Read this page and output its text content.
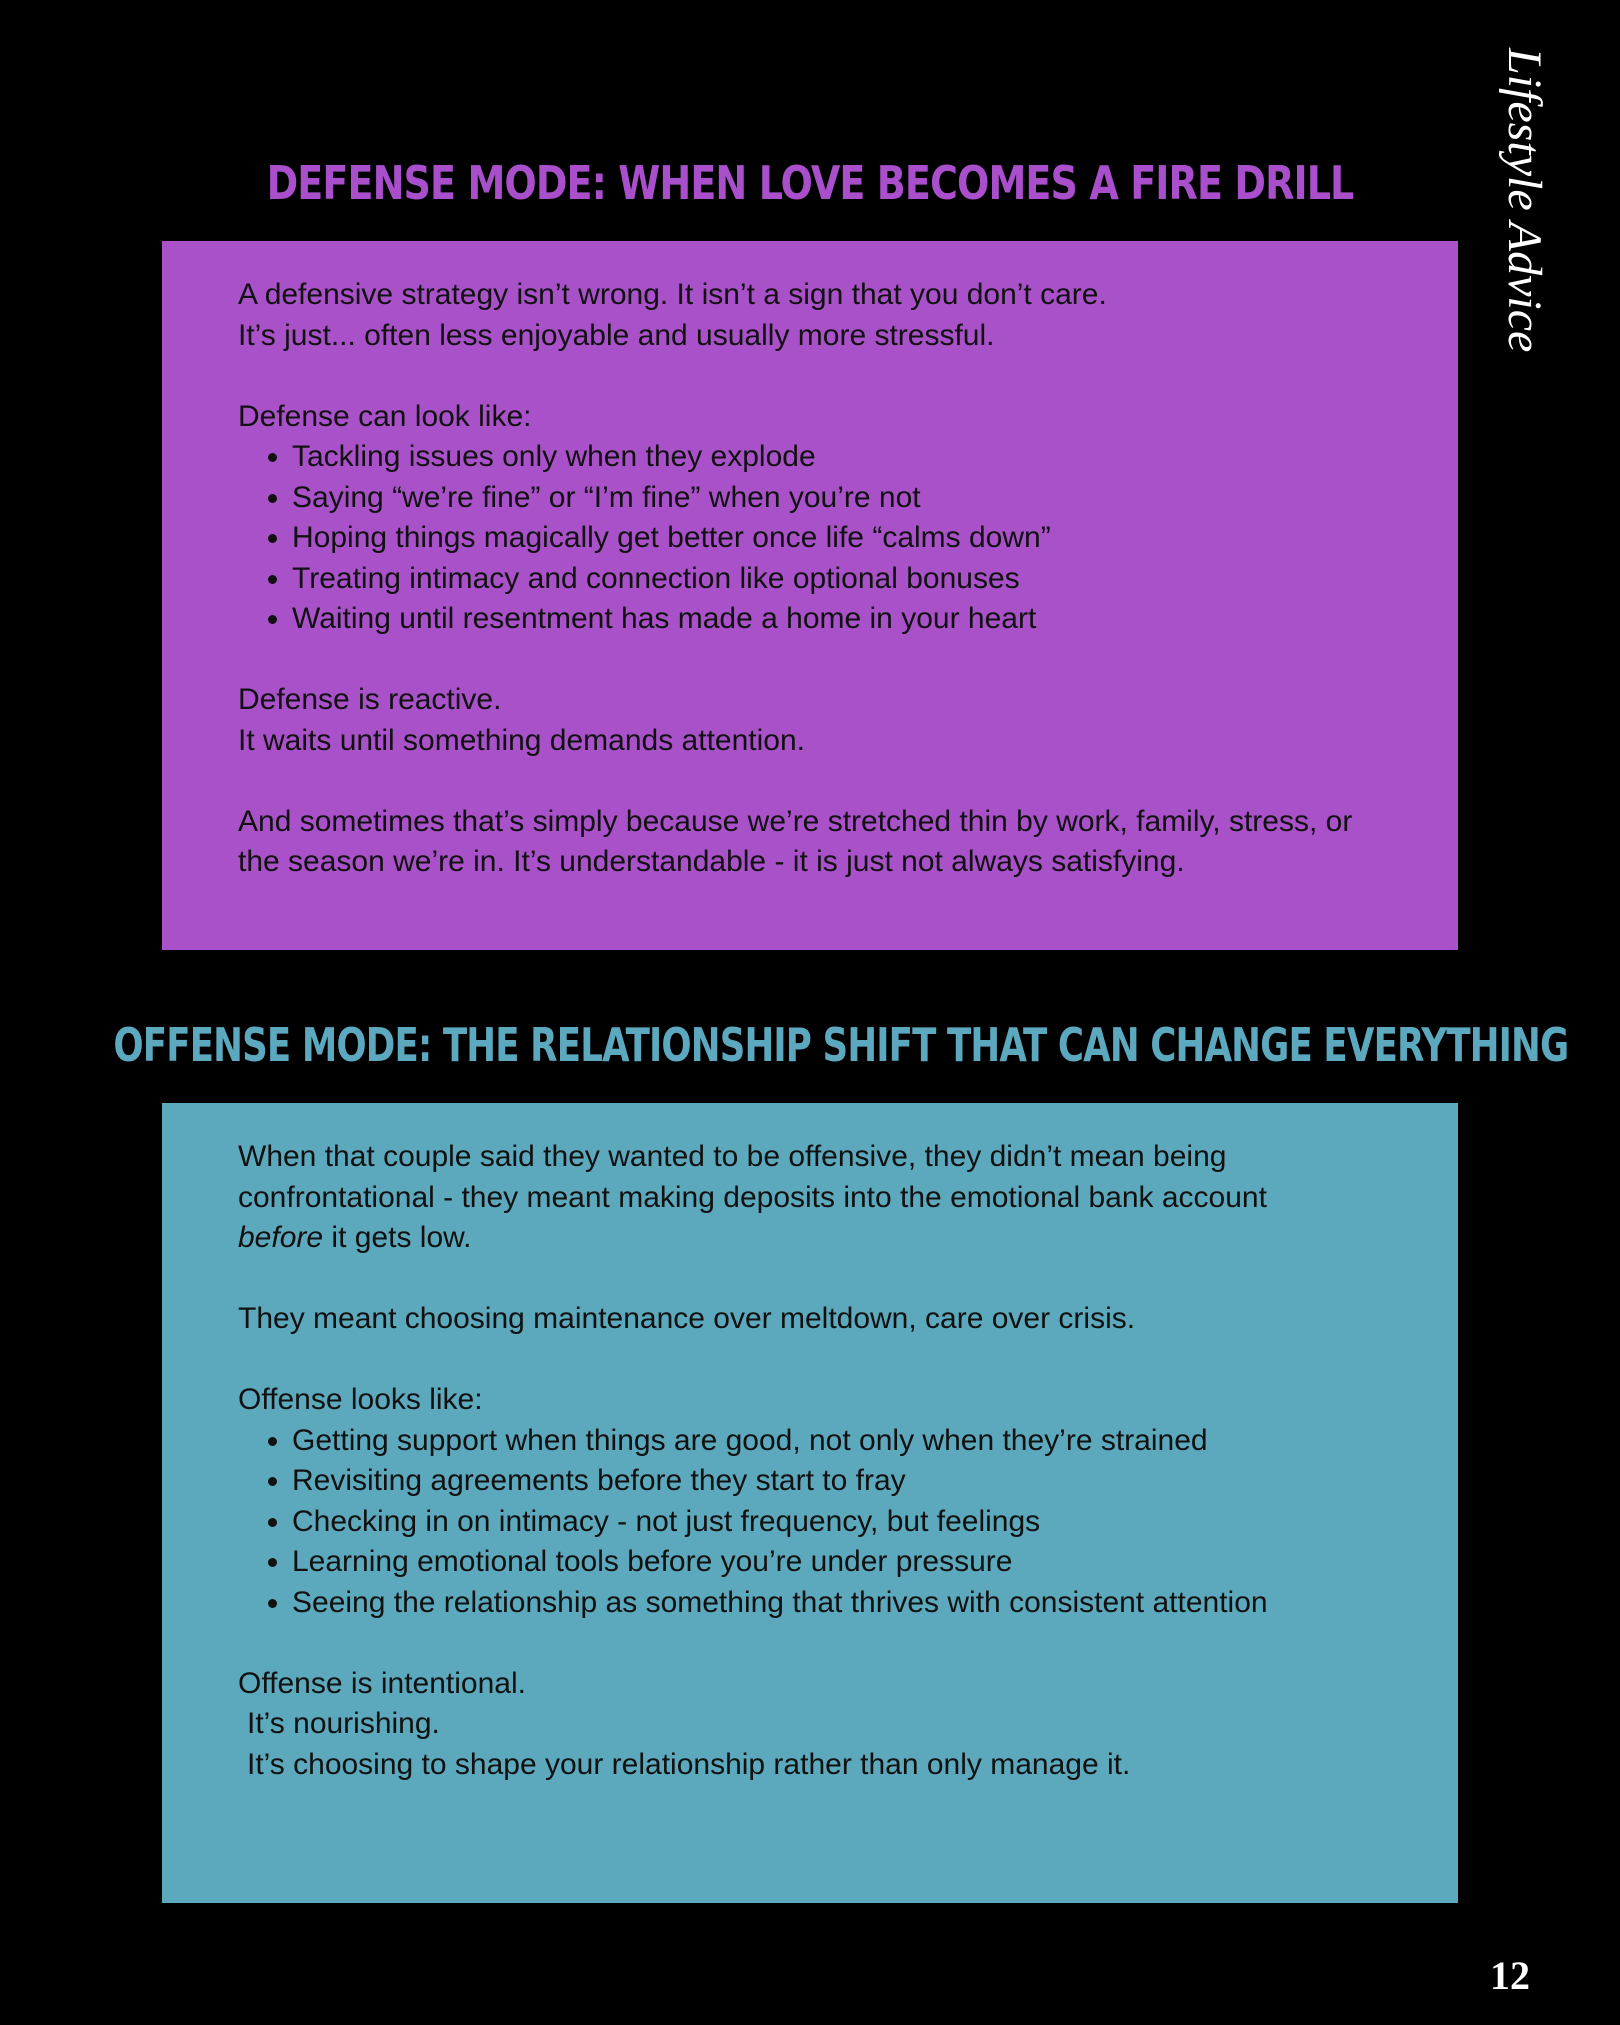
Lifestyle Advice
DEFENSE MODE: WHEN LOVE BECOMES A FIRE DRILL

A defensive strategy isn’t wrong. It isn’t a sign that you don’t care.

It’s just... often less enjoyable and usually more stressful.

Defense can look like:

• Tackling issues only when they explode
• Saying “we’re fine” or “I’m fine” when you’re not
• Hoping things magically get better once life “calms down”
• Treating intimacy and connection like optional bonuses
• Waiting until resentment has made a home in your heart

Defense is reactive.

It waits until something demands attention.

And sometimes that’s simply because we’re stretched thin by work, family, stress, or the season we’re in. It’s understandable - it is just not always satisfying.

OFFENSE MODE: THE RELATIONSHIP SHIFT THAT CAN CHANGE EVERYTHING

When that couple said they wanted to be offensive, they didn’t mean being confrontational - they meant making deposits into the emotional bank account before it gets low.

They meant choosing maintenance over meltdown, care over crisis.

Offense looks like:

• Getting support when things are good, not only when they’re strained
• Revisiting agreements before they start to fray
• Checking in on intimacy - not just frequency, but feelings
• Learning emotional tools before you’re under pressure
• Seeing the relationship as something that thrives with consistent attention

Offense is intentional.

It’s nourishing.

It’s choosing to shape your relationship rather than only manage it.

12
